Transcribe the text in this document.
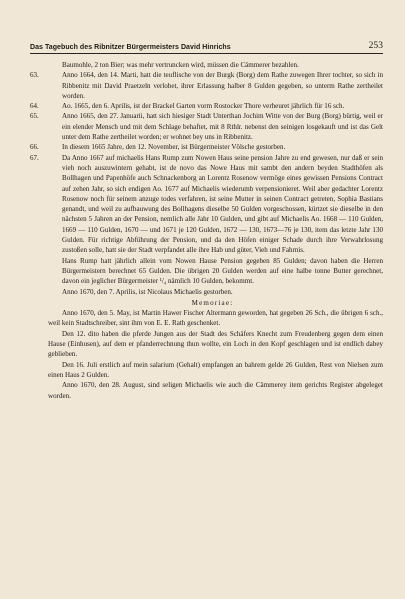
Das Tagebuch des Ribnitzer Bürgermeisters David Hinrichs	253

Baumohle, 2 ton Bier; was mehr vertruncken wird, müssen die Cämmerer bezahlen.

63.	Anno 1664, den 14. Marti, hatt die teuflische von der Burgk (Borg) dem Rathe zuwegen Ihrer tochter, so sich in Ribbenitz mit David Praetzeln verlobet, ihrer Erlassung halber 8 Gulden gegeben, so unterm Rathe zertheilet worden.
64.	Ao. 1665, den 6. Aprilis, ist der Brackel Garten vorm Rostocker Thore verheuret jährlich für 16 sch.
65.	Anno 1665, den 27. Januarii, hatt sich hiesiger Stadt Unterthan Jochim Witte von der Burg (Borg) bürtig, weil er ein elender Mensch und mit dem Schlage behaftet, mit 8 Rthlr. nebenst den seinigen losgekauft und ist das Gelt unter dem Rathe zertheilet worden; er wohnet bey uns in Ribbenitz.
66.	In diesem 1665 Jahre, den 12. November, ist Bürgermeister Völsche gestorben.
67.	Da Anno 1667 auf michaelis Hans Rump zum Nowen Haus seine pension Jahre zu end gewesen, nur daß er sein vieh noch auszuwintern gehabt, ist de novo das Nowe Haus mit sambt den andern beyden Stadthöfen als Bollhagen und Papenhöfe auch Schnackenborg an Lorentz Rosenow vermöge eines gewissen Pensions Contract auf zehen Jahr, so sich endigen Ao. 1677 auf Michaelis wiederumb verpensionieret. Weil aber gedachter Lorentz Rosenow noch für seinem anzuge todes verfahren, ist seine Mutter in seinen Contract getreten, Sophia Bastians genandt, und weil zu aufbauwung des Bollhagens dieselbe 50 Gulden vorgeschossen, kürtzet sie dieselbe in den nächsten 5 Jahren an der Pension, nemlich alle Jahr 10 Gulden, und gibt auf Michaelis Ao. 1668 — 110 Gulden, 1669 — 110 Gulden, 1670 — und 1671 je 120 Gulden, 1672 — 130, 1673—76 je 130, item das letzte Jahr 130 Gulden. Für richtige Abführung der Pension, und da den Höfen einiger Schade durch ihre Verwahrlosung zustoßen solle, hatt sie der Stadt verpfandet alle ihre Hab und güter, Vieh und Fahrnis.

Hans Rump hatt jährlich allein vom Nowen Hause Pension gegeben 85 Gulden; davon haben die Herren Bürgermeistern berechnet 65 Gulden. Die übrigen 20 Gulden werden auf eine halbe tonne Butter gerechnet, davon ein jeglicher Bürgermeister ¹/₄ nämlich 10 Gulden, bekommt.

Anno 1670, den 7. Aprilis, ist Nicolaus Michaelis gestorben.

Memoriae:

Anno 1670, den 5. May, ist Martin Hawer Fischer Altermann geworden, hat gegeben 26 Sch., die übrigen 6 sch., weil kein Stadtschreiber, sint ihm von E. E. Rath geschenket.

Den 12. dito haben die pferde Jungen aus der Stadt des Schäfers Knecht zum Freudenberg gegen dem einen Hause (Einhusen), auf dem er pfanderrechnung thun wollte, ein Loch in den Kopf geschlagen und ist endlich dabey geblieben.

Den 16. Juli erstlich auf mein salarium (Gehalt) empfangen an bahrem gelde 26 Gulden, Rest von Nielsen zum einen Haus 2 Gulden.

Anno 1670, den 28. August, sind seligen Michaelis wie auch die Cämmerey item gerichts Register abgeleget worden.
